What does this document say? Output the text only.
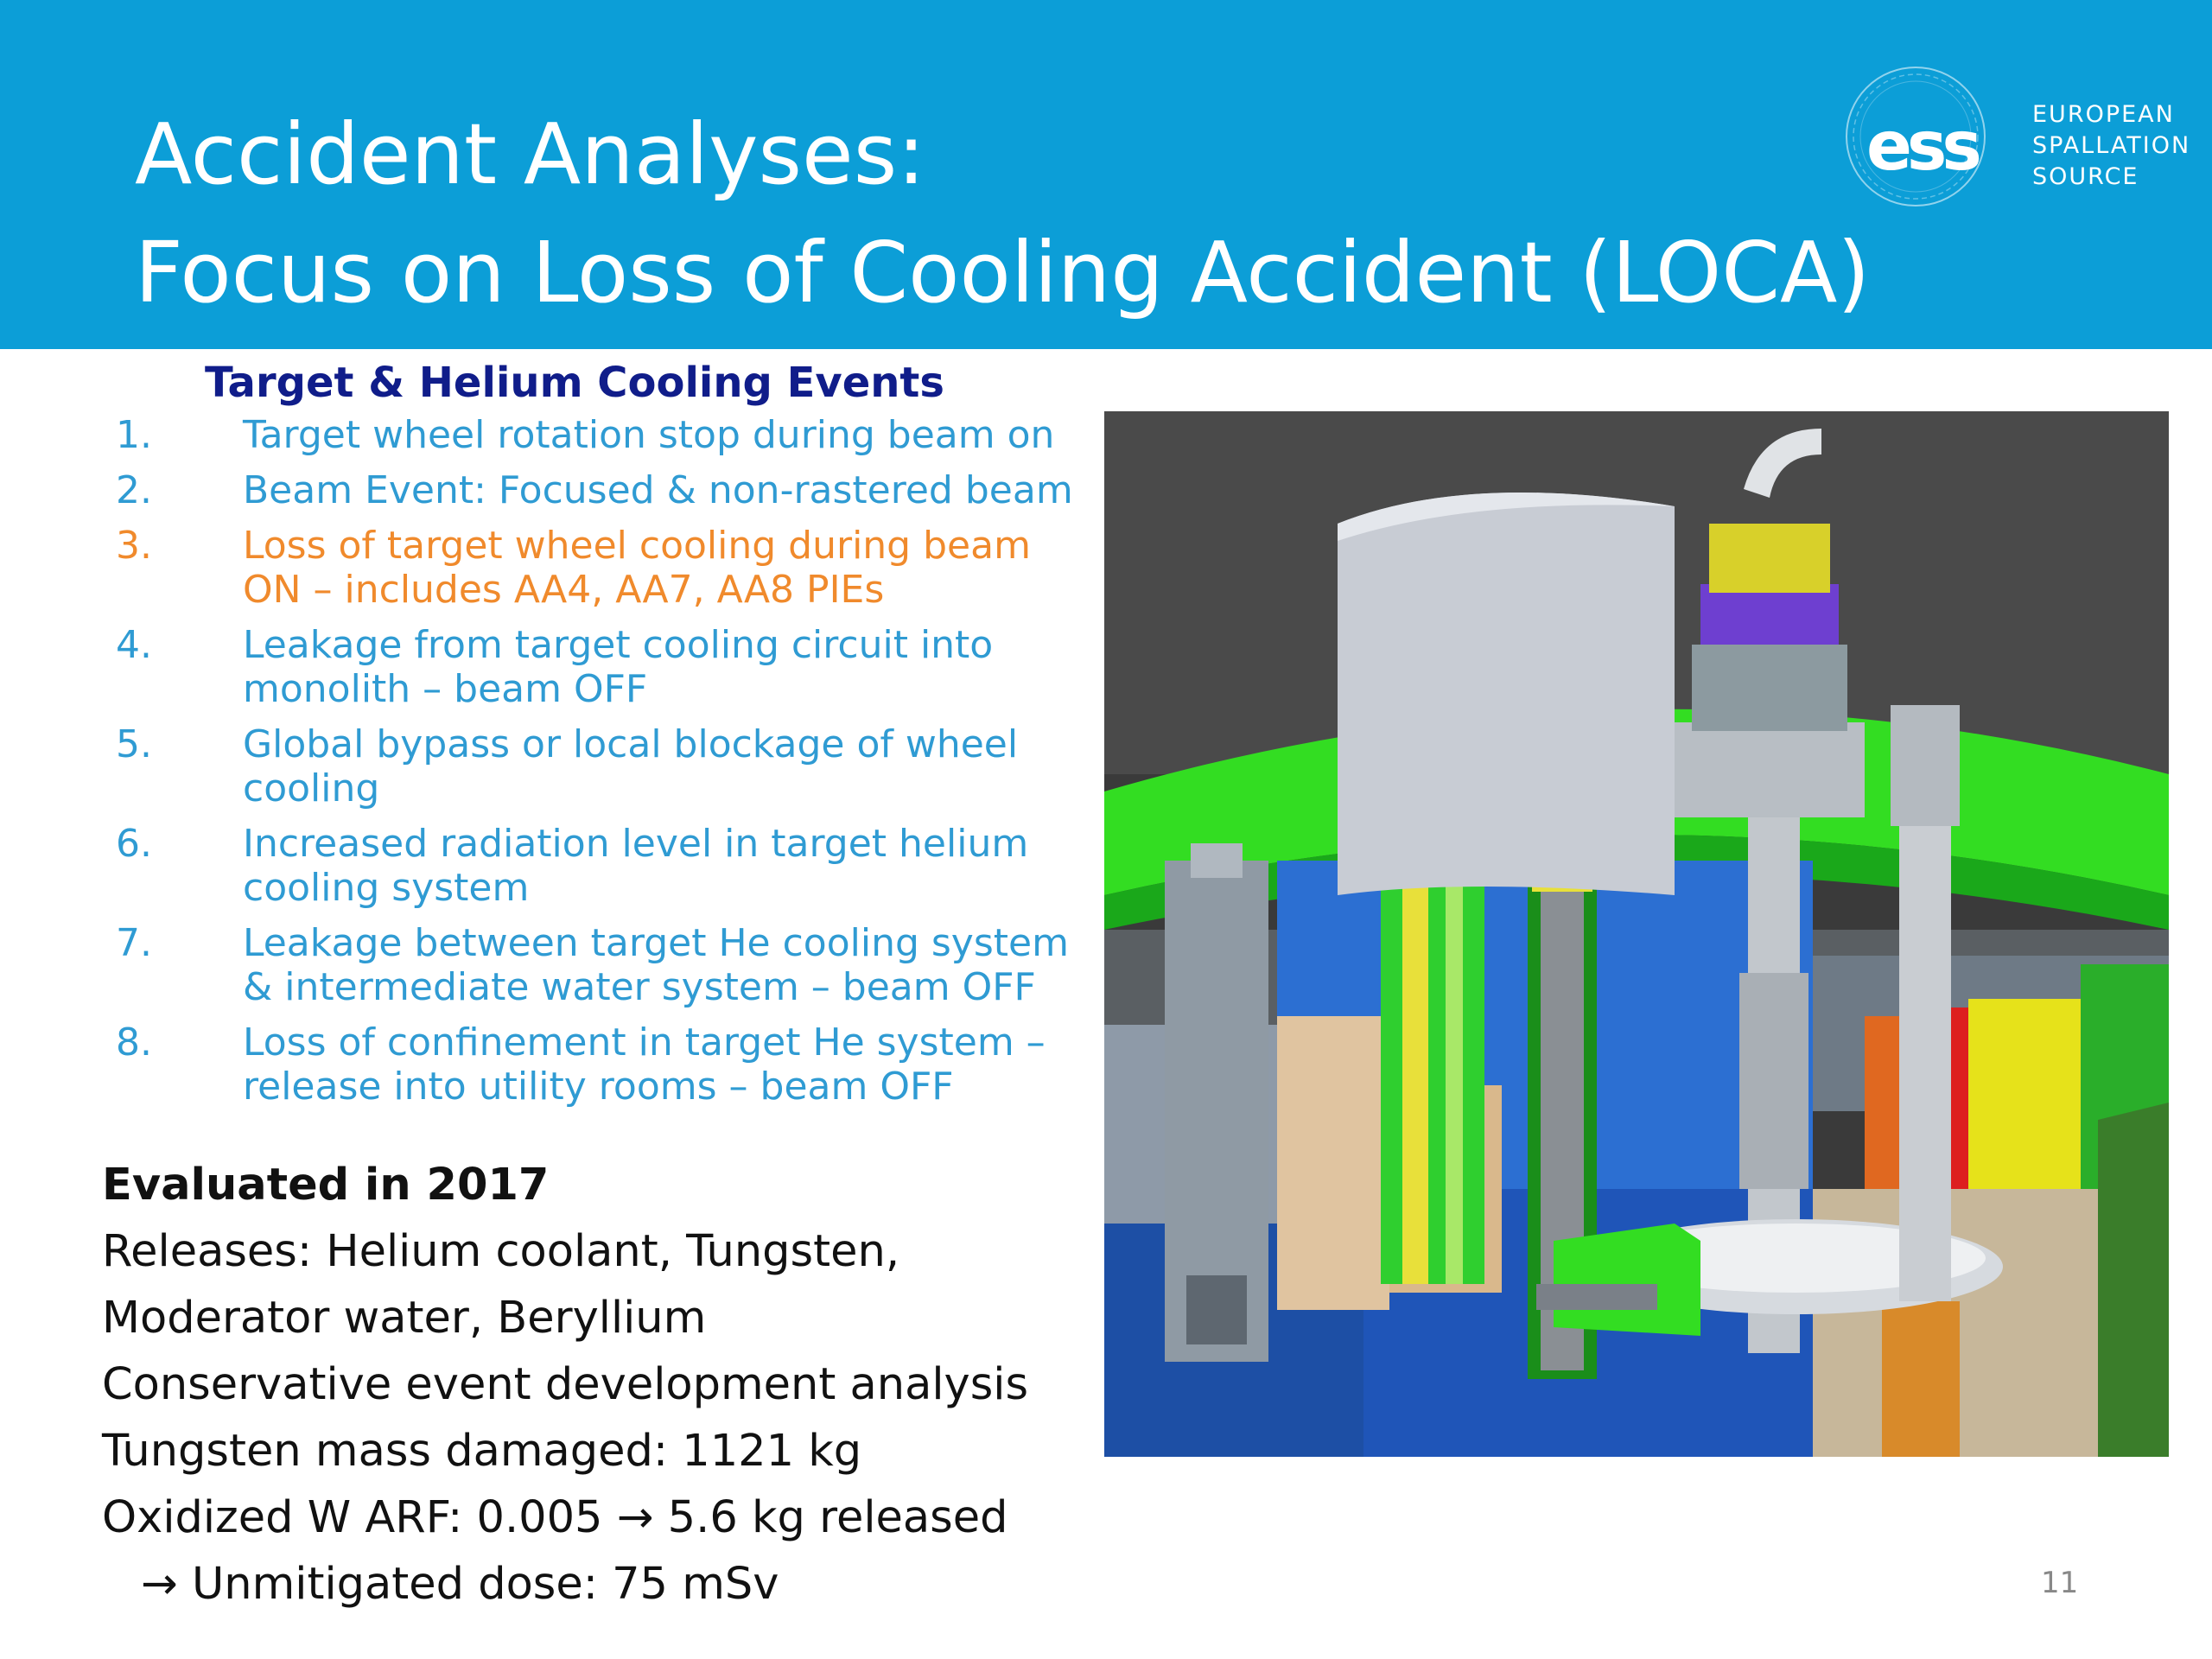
Accident Analyses:
Focus on Loss of Cooling Accident (LOCA)
ess EUROPEAN
SPALLATION
SOURCE
Target & Helium Cooling Events
1. Target wheel rotation stop during beam on
2. Beam Event: Focused & non-rastered beam
3. Loss of target wheel cooling during beam ON – includes AA4, AA7, AA8 PIEs
4. Leakage from target cooling circuit into monolith – beam OFF
5. Global bypass or local blockage of wheel cooling
6. Increased radiation level in target helium cooling system
7. Leakage between target He cooling system & intermediate water system – beam OFF
8. Loss of confinement in target He system – release into utility rooms – beam OFF
Evaluated in 2017
Releases: Helium coolant, Tungsten,
Moderator water, Beryllium
Conservative event development analysis
Tungsten mass damaged: 1121 kg
Oxidized W ARF: 0.005 → 5.6 kg released
→ Unmitigated dose: 75 mSv	11
